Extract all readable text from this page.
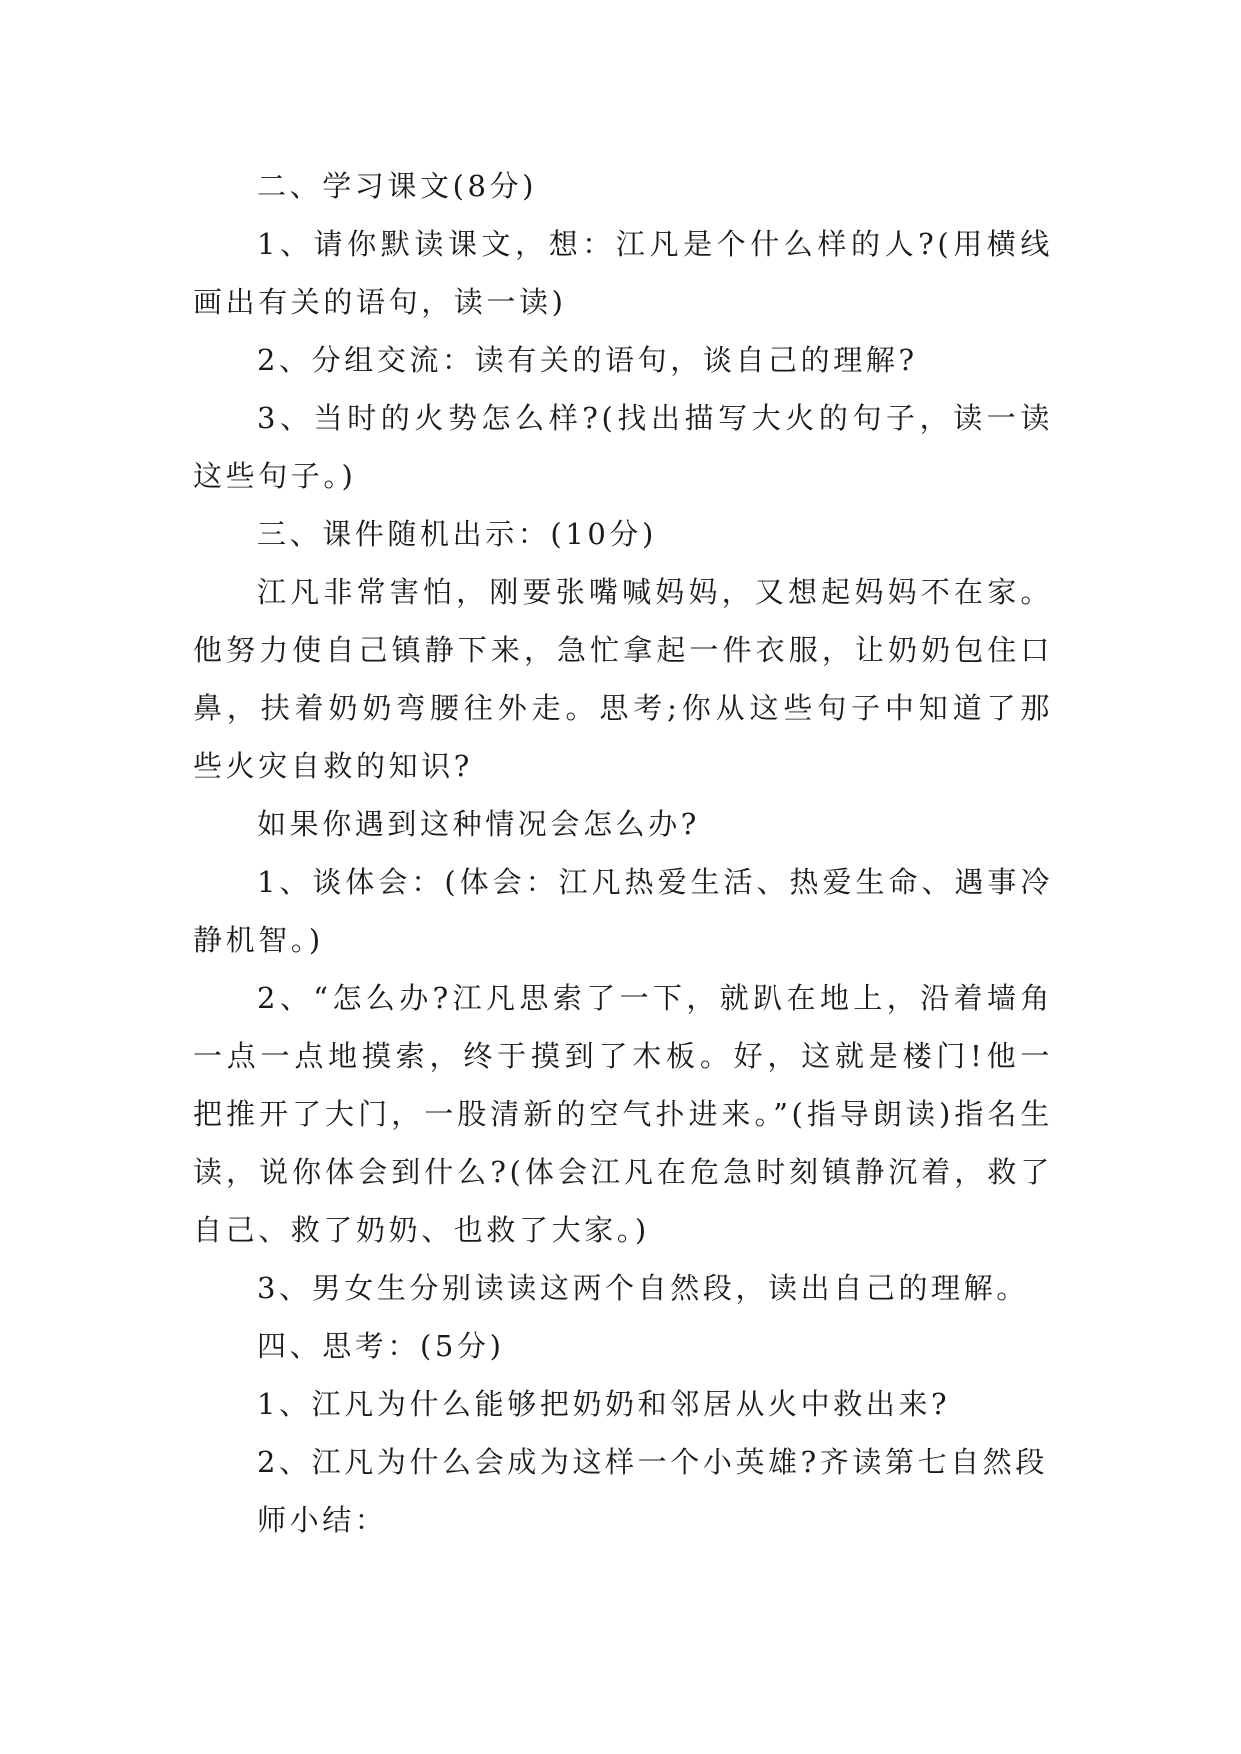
二、学习课文(8分)

1、请你默读课文，想：江凡是个什么样的人?(用横线画出有关的语句，读一读)

2、分组交流：读有关的语句，谈自己的理解?

3、当时的火势怎么样?(找出描写大火的句子，读一读这些句子。)

三、课件随机出示：(10分)

江凡非常害怕，刚要张嘴喊妈妈，又想起妈妈不在家。他努力使自己镇静下来，急忙拿起一件衣服，让奶奶包住口鼻，扶着奶奶弯腰往外走。思考;你从这些句子中知道了那些火灾自救的知识?

如果你遇到这种情况会怎么办?

1、谈体会：(体会：江凡热爱生活、热爱生命、遇事冷静机智。)

2、“怎么办?江凡思索了一下，就趴在地上，沿着墙角一点一点地摸索，终于摸到了木板。好，这就是楼门!他一把推开了大门，一股清新的空气扑进来。”(指导朗读)指名生读，说你体会到什么?(体会江凡在危急时刻镇静沉着，救了自己、救了奶奶、也救了大家。)

3、男女生分别读读这两个自然段，读出自己的理解。

四、思考：(5分)

1、江凡为什么能够把奶奶和邻居从火中救出来?

2、江凡为什么会成为这样一个小英雄?齐读第七自然段

师小结：
